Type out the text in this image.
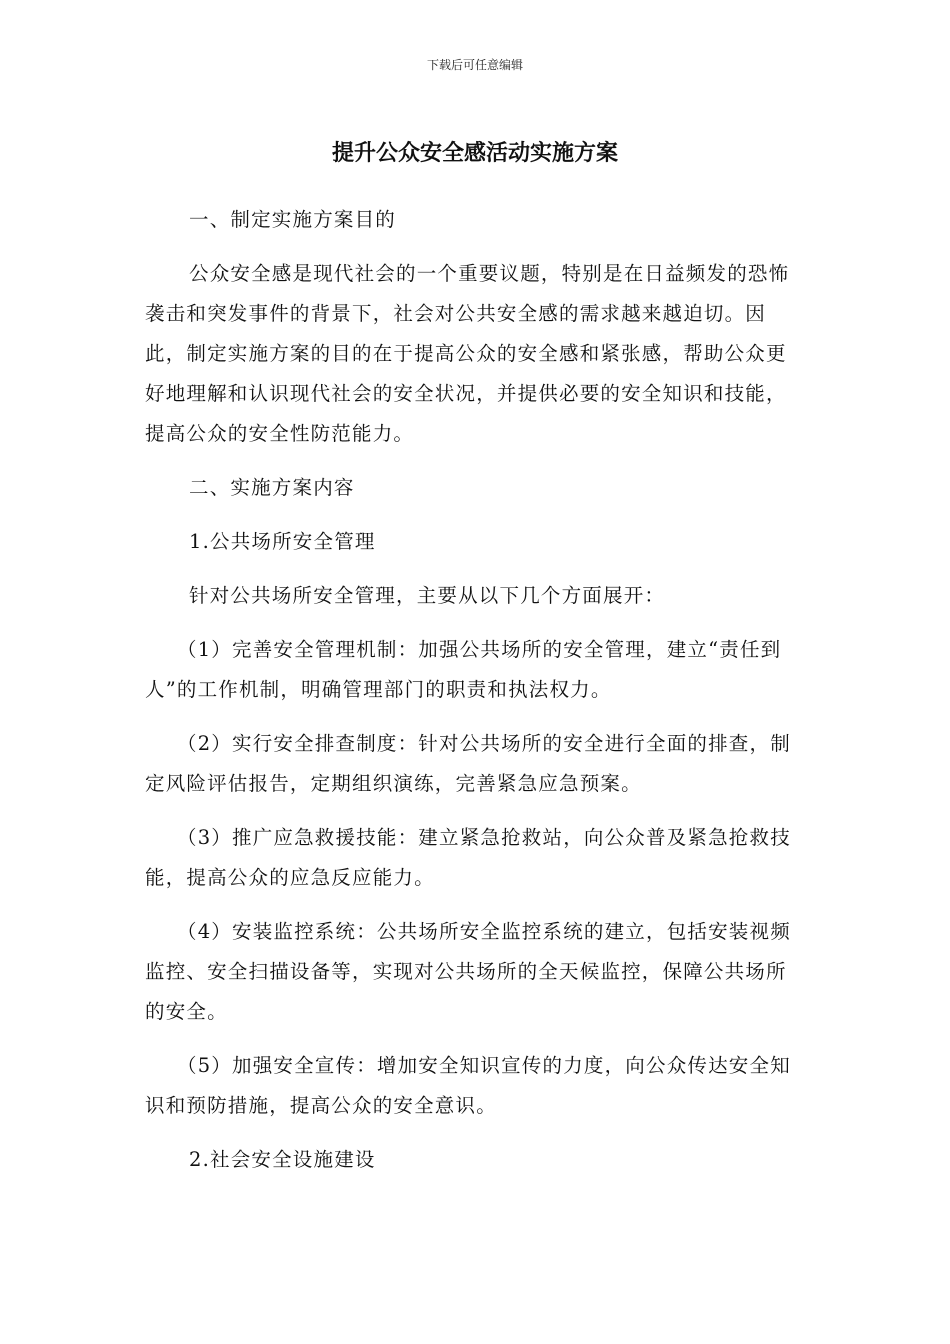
下载后可任意编辑
提升公众安全感活动实施方案

一、制定实施方案目的

公众安全感是现代社会的一个重要议题，特别是在日益频发的恐怖袭击和突发事件的背景下，社会对公共安全感的需求越来越迫切。因此，制定实施方案的目的在于提高公众的安全感和紧张感，帮助公众更好地理解和认识现代社会的安全状况，并提供必要的安全知识和技能，提高公众的安全性防范能力。

二、实施方案内容

1.公共场所安全管理

针对公共场所安全管理，主要从以下几个方面展开：

（1）完善安全管理机制：加强公共场所的安全管理，建立“责任到人”的工作机制，明确管理部门的职责和执法权力。

（2）实行安全排查制度：针对公共场所的安全进行全面的排查，制定风险评估报告，定期组织演练，完善紧急应急预案。

（3）推广应急救援技能：建立紧急抢救站，向公众普及紧急抢救技能，提高公众的应急反应能力。

（4）安装监控系统：公共场所安全监控系统的建立，包括安装视频监控、安全扫描设备等，实现对公共场所的全天候监控，保障公共场所的安全。

（5）加强安全宣传：增加安全知识宣传的力度，向公众传达安全知识和预防措施，提高公众的安全意识。

2.社会安全设施建设
